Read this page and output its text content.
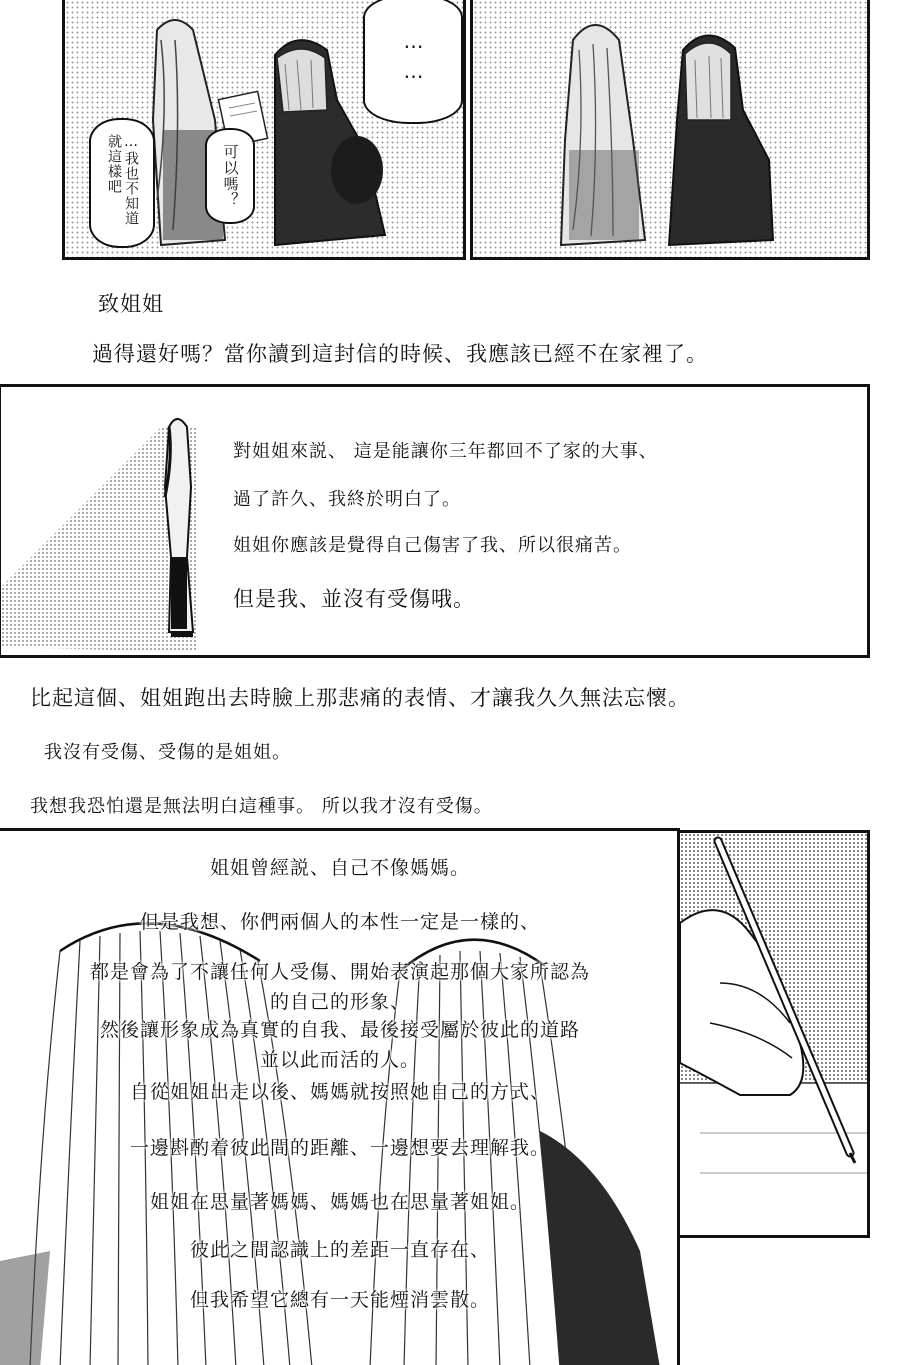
……
…我也不知道就這樣吧	可以嗎？
致姐姐
過得還好嗎？當你讀到這封信的時候、我應該已經不在家裡了。
對姐姐來説、 這是能讓你三年都回不了家的大事、
過了許久、我終於明白了。
姐姐你應該是覺得自己傷害了我、所以很痛苦。
但是我、並沒有受傷哦。
比起這個、姐姐跑出去時臉上那悲痛的表情、才讓我久久無法忘懷。
我沒有受傷、受傷的是姐姐。
我想我恐怕還是無法明白這種事。 所以我才沒有受傷。
姐姐曾經説、自己不像媽媽。
但是我想、你們兩個人的本性一定是一樣的、
都是會為了不讓任何人受傷、開始表演起那個大家所認為
的自己的形象、
然後讓形象成為真實的自我、最後接受屬於彼此的道路
並以此而活的人。
自從姐姐出走以後、媽媽就按照她自己的方式、
一邊斟酌着彼此間的距離、一邊想要去理解我。
姐姐在思量著媽媽、媽媽也在思量著姐姐。
彼此之間認識上的差距一直存在、
但我希望它總有一天能煙消雲散。
